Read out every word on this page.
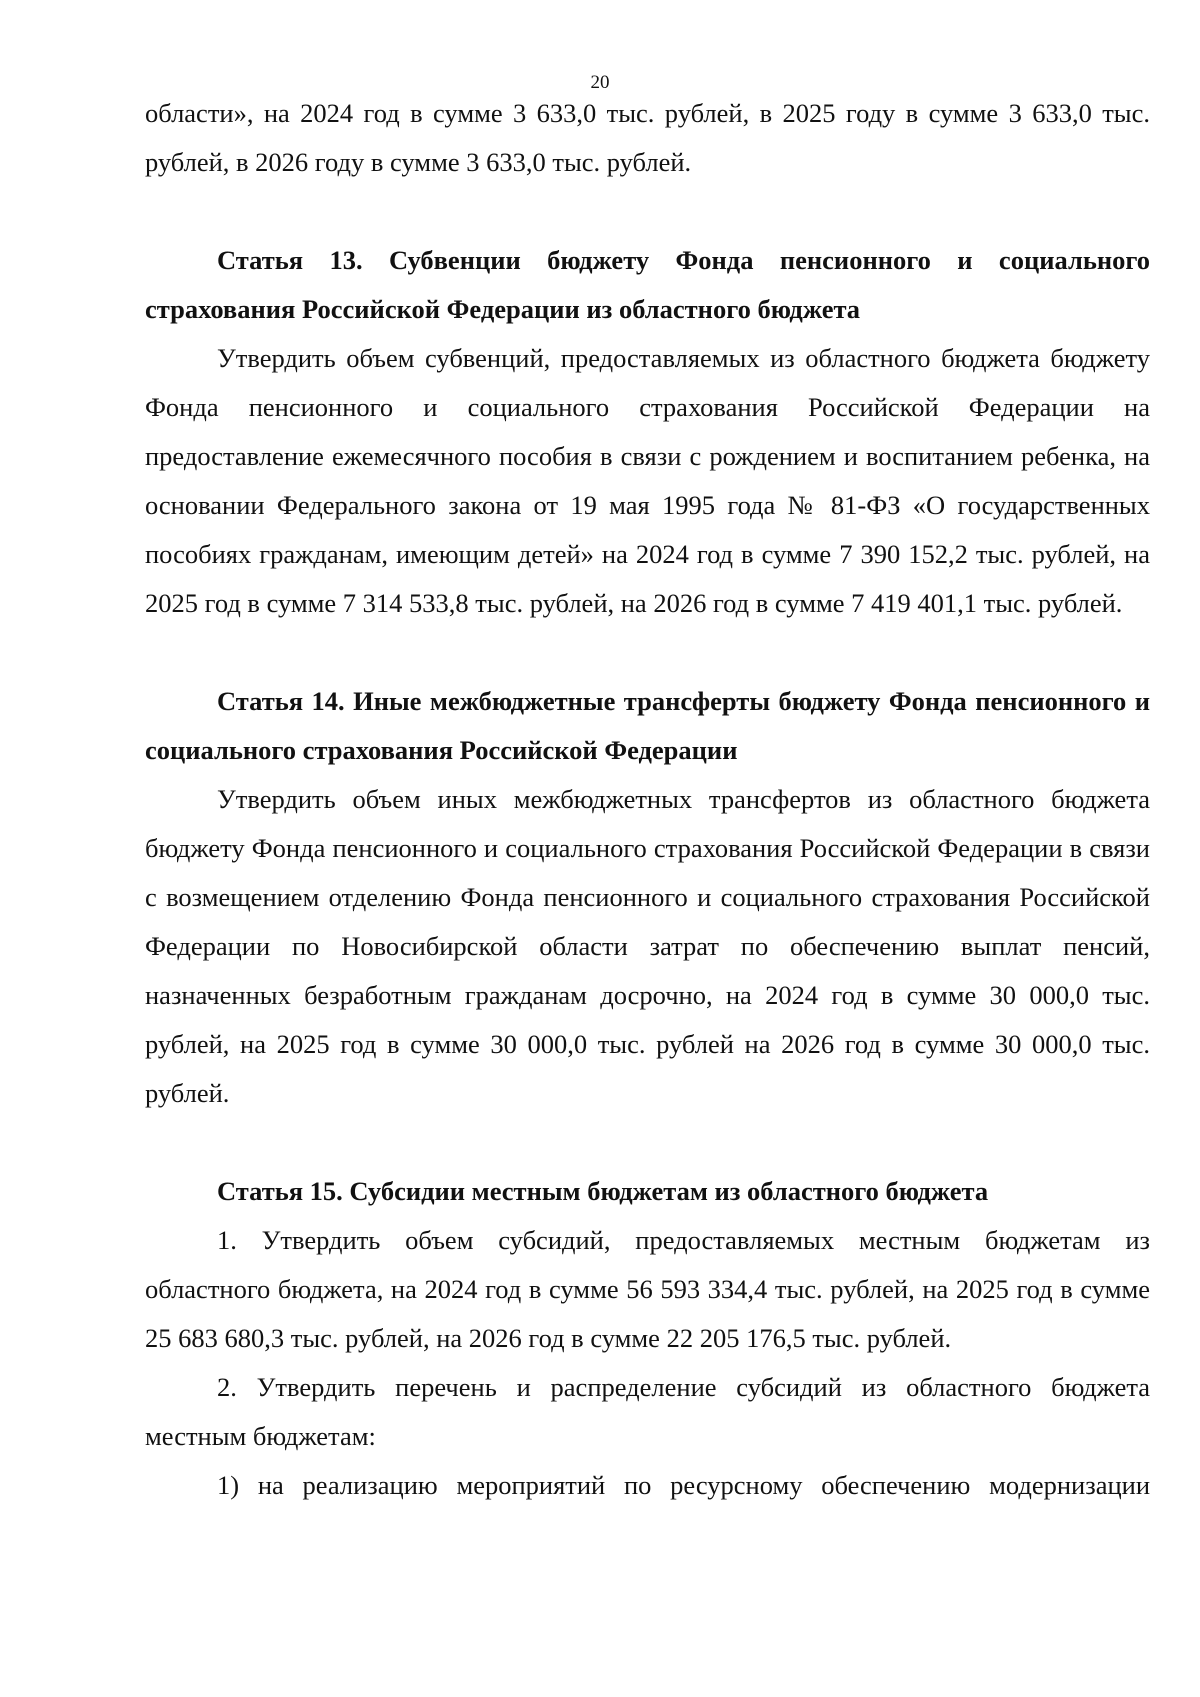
20

области», на 2024 год в сумме 3 633,0 тыс. рублей, в 2025 году в сумме 3 633,0 тыс. рублей, в 2026 году в сумме 3 633,0 тыс. рублей.

Статья 13. Субвенции бюджету Фонда пенсионного и социального страхования Российской Федерации из областного бюджета

Утвердить объем субвенций, предоставляемых из областного бюджета бюджету Фонда пенсионного и социального страхования Российской Федерации на предоставление ежемесячного пособия в связи с рождением и воспитанием ребенка, на основании Федерального закона от 19 мая 1995 года № 81-ФЗ «О государственных пособиях гражданам, имеющим детей» на 2024 год в сумме 7 390 152,2 тыс. рублей, на 2025 год в сумме 7 314 533,8 тыс. рублей, на 2026 год в сумме 7 419 401,1 тыс. рублей.

Статья 14. Иные межбюджетные трансферты бюджету Фонда пенсионного и социального страхования Российской Федерации

Утвердить объем иных межбюджетных трансфертов из областного бюджета бюджету Фонда пенсионного и социального страхования Российской Федерации в связи с возмещением отделению Фонда пенсионного и социального страхования Российской Федерации по Новосибирской области затрат по обеспечению выплат пенсий, назначенных безработным гражданам досрочно, на 2024 год в сумме 30 000,0 тыс. рублей, на 2025 год в сумме 30 000,0 тыс. рублей на 2026 год в сумме 30 000,0 тыс. рублей.

Статья 15. Субсидии местным бюджетам из областного бюджета

1. Утвердить объем субсидий, предоставляемых местным бюджетам из областного бюджета, на 2024 год в сумме 56 593 334,4 тыс. рублей, на 2025 год в сумме 25 683 680,3 тыс. рублей, на 2026 год в сумме 22 205 176,5 тыс. рублей.

2. Утвердить перечень и распределение субсидий из областного бюджета местным бюджетам:

1) на реализацию мероприятий по ресурсному обеспечению модернизации
